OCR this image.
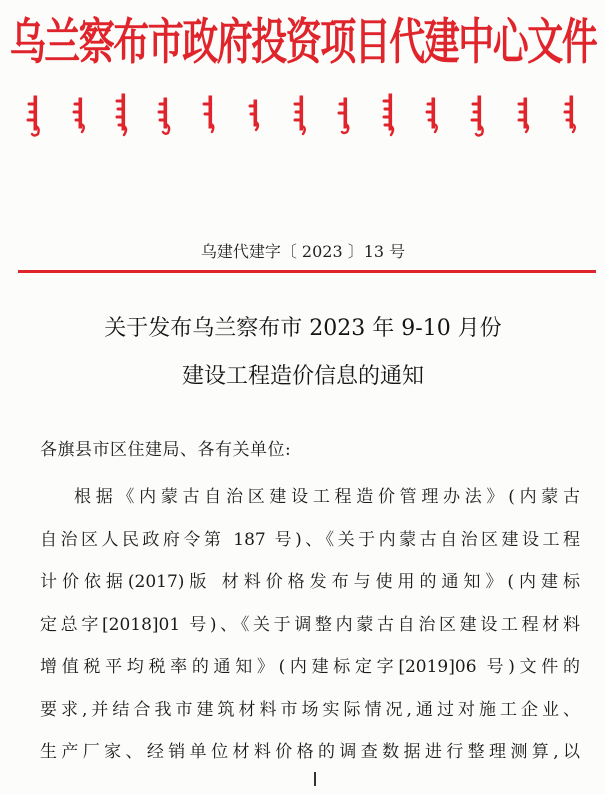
乌兰察布市政府投资项目代建中心文件
乌建代建字〔 2023 〕13 号
关于发布乌兰察布市 2023 年 9-10 月份
建设工程造价信息的通知
各旗县市区住建局、各有关单位:
根据《内蒙古自治区建设工程造价管理办法》(内蒙古
自治区人民政府令第 187 号)、《关于内蒙古自治区建设工程
计价依据(2017)版 材料价格发布与使用的通知》(内建标
定总字[2018]01 号)、《关于调整内蒙古自治区建设工程材料
增值税平均税率的通知》(内建标定字[2019]06 号)文件的
要求,并结合我市建筑材料市场实际情况,通过对施工企业、
生产厂家、经销单位材料价格的调查数据进行整理测算,以
